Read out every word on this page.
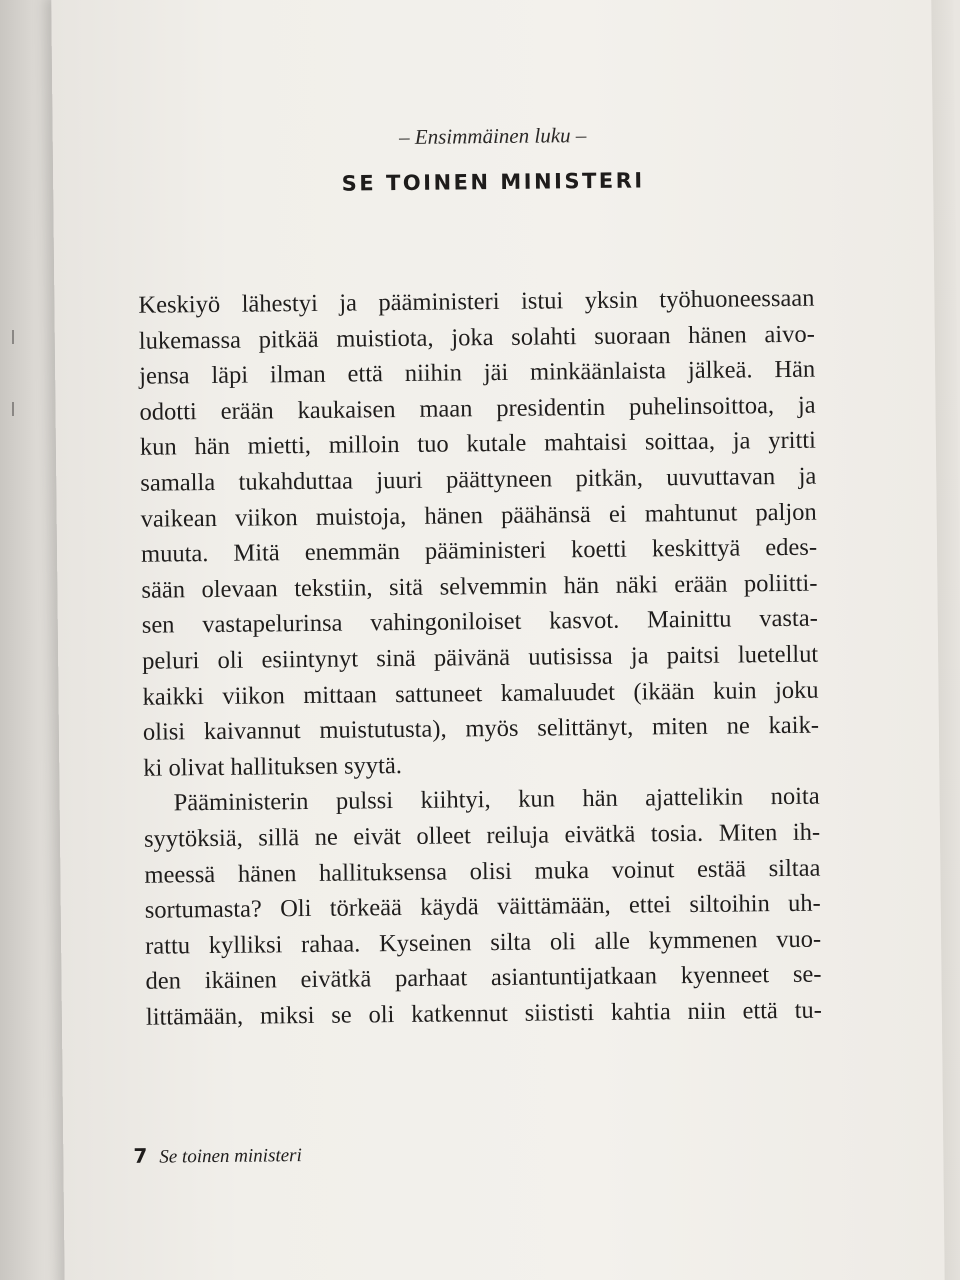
– Ensimmäinen luku –
SE TOINEN MINISTERI
Keskiyö lähestyi ja pääministeri istui yksin työhuoneessaan
lukemassa pitkää muistiota, joka solahti suoraan hänen aivo-
jensa läpi ilman että niihin jäi minkäänlaista jälkeä. Hän
odotti erään kaukaisen maan presidentin puhelinsoittoa, ja
kun hän mietti, milloin tuo kutale mahtaisi soittaa, ja yritti
samalla tukahduttaa juuri päättyneen pitkän, uuvuttavan ja
vaikean viikon muistoja, hänen päähänsä ei mahtunut paljon
muuta. Mitä enemmän pääministeri koetti keskittyä edes-
sään olevaan tekstiin, sitä selvemmin hän näki erään poliitti-
sen vastapelurinsa vahingoniloiset kasvot. Mainittu vasta-
peluri oli esiintynyt sinä päivänä uutisissa ja paitsi luetellut
kaikki viikon mittaan sattuneet kamaluudet (ikään kuin joku
olisi kaivannut muistutusta), myös selittänyt, miten ne kaik-
ki olivat hallituksen syytä.
Pääministerin pulssi kiihtyi, kun hän ajattelikin noita
syytöksiä, sillä ne eivät olleet reiluja eivätkä tosia. Miten ih-
meessä hänen hallituksensa olisi muka voinut estää siltaa
sortumasta? Oli törkeää käydä väittämään, ettei siltoihin uh-
rattu kylliksi rahaa. Kyseinen silta oli alle kymmenen vuo-
den ikäinen eivätkä parhaat asiantuntijatkaan kyenneet se-
littämään, miksi se oli katkennut siististi kahtia niin että tu-
7 Se toinen ministeri
